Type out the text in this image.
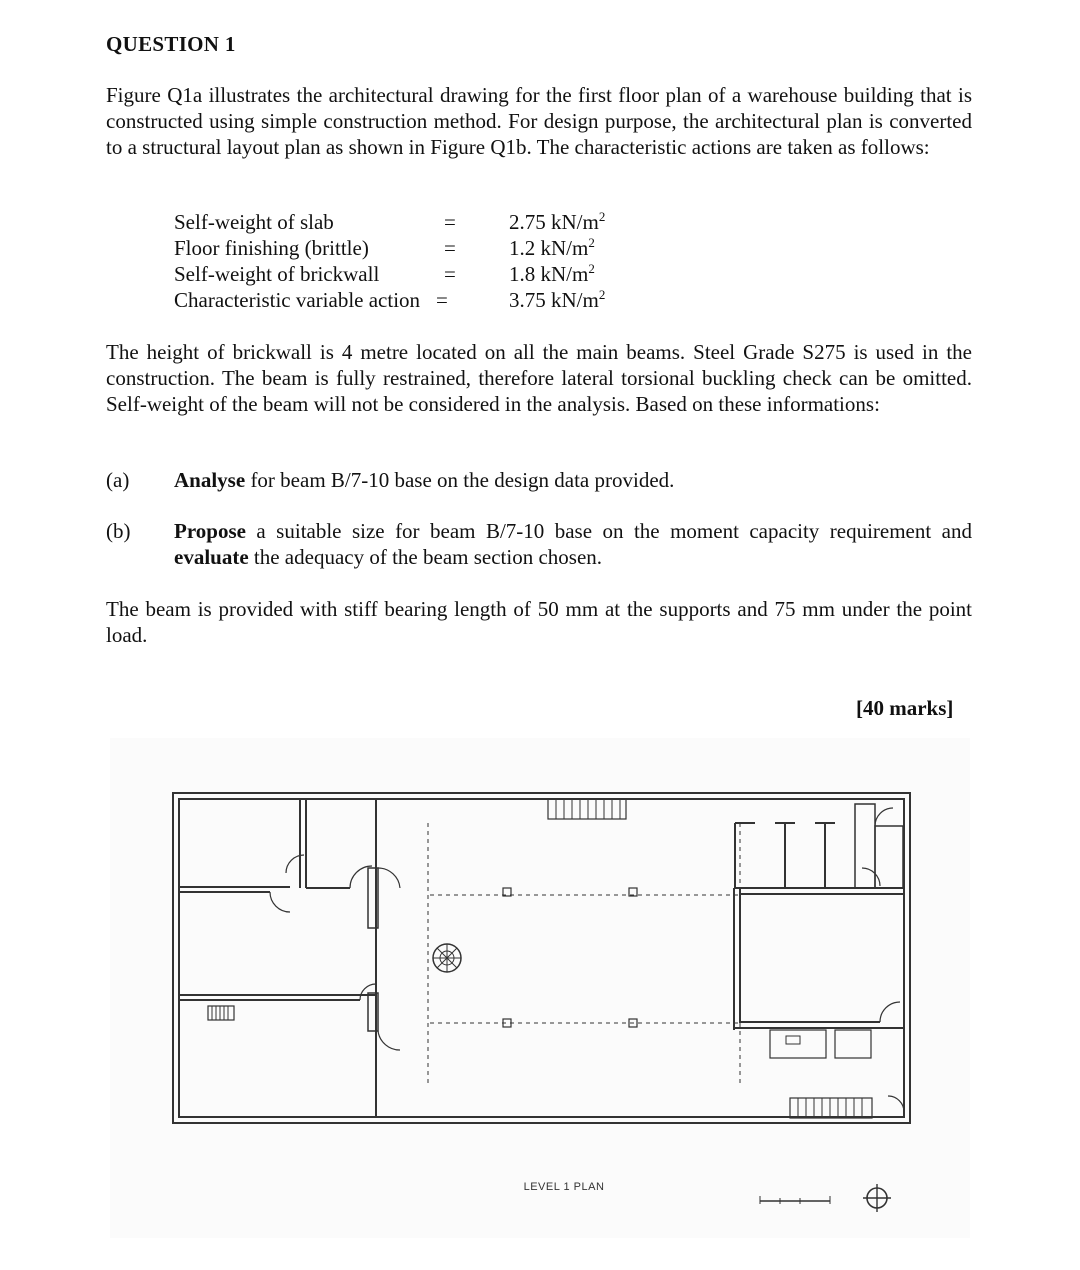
QUESTION 1
Figure Q1a illustrates the architectural drawing for the first floor plan of a warehouse building that is constructed using simple construction method. For design purpose, the architectural plan is converted to a structural layout plan as shown in Figure Q1b. The characteristic actions are taken as follows:
Self-weight of slab	=	2.75 $kN/m^2$
Floor finishing (brittle)	=	1.2 $kN/m^2$
Self-weight of brickwall	=	1.8 $kN/m^2$
Characteristic variable action =	3.75 $kN/m^2$
The height of brickwall is 4 metre located on all the main beams. Steel Grade S275 is used in the construction. The beam is fully restrained, therefore lateral torsional buckling check can be omitted. Self-weight of the beam will not be considered in the analysis. Based on these informations:
(a) Analyse for beam B/7-10 base on the design data provided.
(b) Propose a suitable size for beam B/7-10 base on the moment capacity requirement and evaluate the adequacy of the beam section chosen.
The beam is provided with stiff bearing length of 50 mm at the supports and 75 mm under the point load.
[40 marks]
LEVEL 1 PLAN
